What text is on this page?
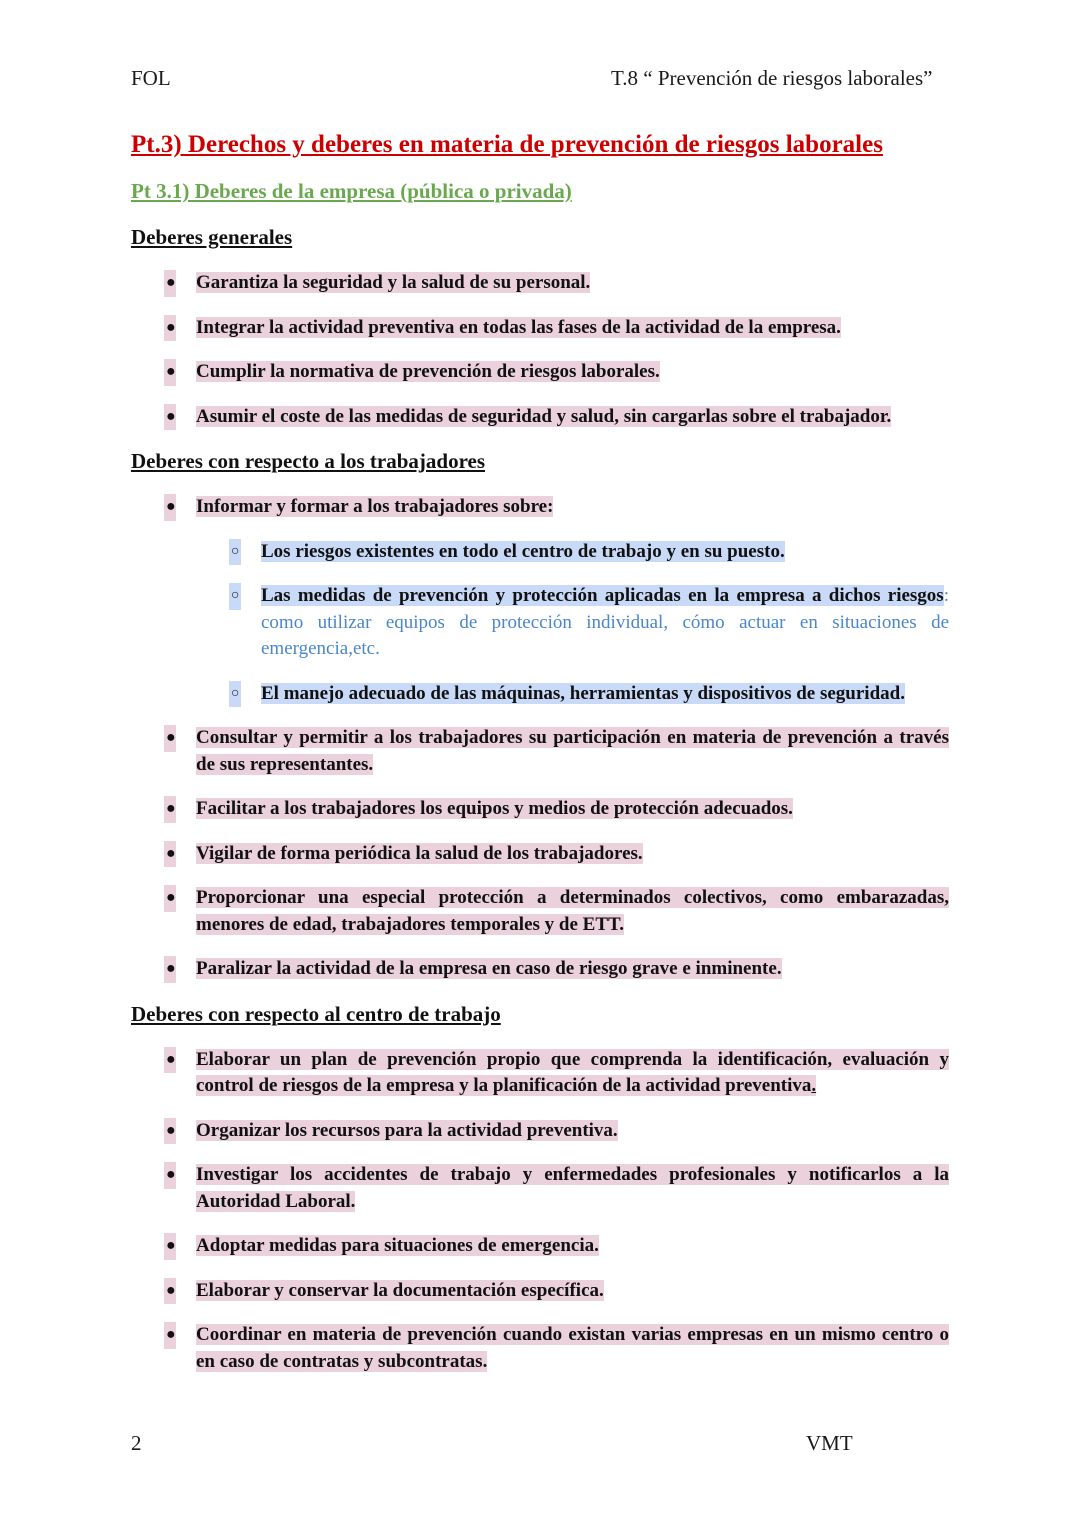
FOL	T.8 “ Prevención de riesgos laborales”
Pt.3) Derechos y deberes en materia de prevención de riesgos laborales
Pt 3.1) Deberes de la empresa (pública o privada)
Deberes generales
● Garantiza la seguridad y la salud de su personal.
● Integrar la actividad preventiva en todas las fases de la actividad de la empresa.
● Cumplir la normativa de prevención de riesgos laborales.
● Asumir el coste de las medidas de seguridad y salud, sin cargarlas sobre el trabajador.
Deberes con respecto a los trabajadores
● Informar y formar a los trabajadores sobre:
○ Los riesgos existentes en todo el centro de trabajo y en su puesto.
○ Las medidas de prevención y protección aplicadas en la empresa a dichos riesgos: como utilizar equipos de protección individual, cómo actuar en situaciones de emergencia,etc.
○ El manejo adecuado de las máquinas, herramientas y dispositivos de seguridad.
● Consultar y permitir a los trabajadores su participación en materia de prevención a través de sus representantes.
● Facilitar a los trabajadores los equipos y medios de protección adecuados.
● Vigilar de forma periódica la salud de los trabajadores.
● Proporcionar una especial protección a determinados colectivos, como embarazadas, menores de edad, trabajadores temporales y de ETT.
● Paralizar la actividad de la empresa en caso de riesgo grave e inminente.
Deberes con respecto al centro de trabajo
● Elaborar un plan de prevención propio que comprenda la identificación, evaluación y control de riesgos de la empresa y la planificación de la actividad preventiva.
● Organizar los recursos para la actividad preventiva.
● Investigar los accidentes de trabajo y enfermedades profesionales y notificarlos a la Autoridad Laboral.
● Adoptar medidas para situaciones de emergencia.
● Elaborar y conservar la documentación específica.
● Coordinar en materia de prevención cuando existan varias empresas en un mismo centro o en caso de contratas y subcontratas.
2	VMT
